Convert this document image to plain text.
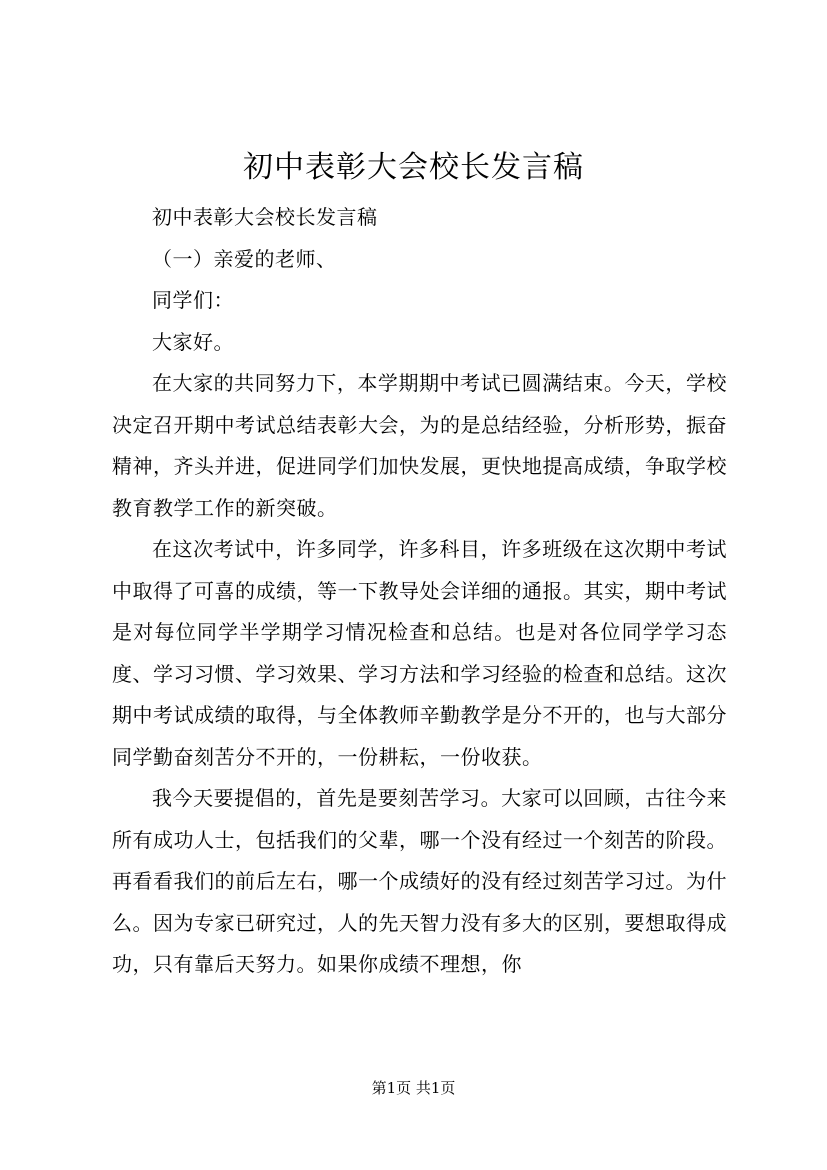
初中表彰大会校长发言稿

初中表彰大会校长发言稿

（一）亲爱的老师、

同学们：

大家好。

在大家的共同努力下，本学期期中考试已圆满结束。今天，学校决定召开期中考试总结表彰大会，为的是总结经验，分析形势，振奋精神，齐头并进，促进同学们加快发展，更快地提高成绩，争取学校教育教学工作的新突破。

在这次考试中，许多同学，许多科目，许多班级在这次期中考试中取得了可喜的成绩，等一下教导处会详细的通报。其实，期中考试是对每位同学半学期学习情况检查和总结。也是对各位同学学习态度、学习习惯、学习效果、学习方法和学习经验的检查和总结。这次期中考试成绩的取得，与全体教师辛勤教学是分不开的，也与大部分同学勤奋刻苦分不开的，一份耕耘，一份收获。

我今天要提倡的，首先是要刻苦学习。大家可以回顾，古往今来所有成功人士，包括我们的父辈，哪一个没有经过一个刻苦的阶段。再看看我们的前后左右，哪一个成绩好的没有经过刻苦学习过。为什么。因为专家已研究过，人的先天智力没有多大的区别，要想取得成功，只有靠后天努力。如果你成绩不理想，你

第1页 共1页
